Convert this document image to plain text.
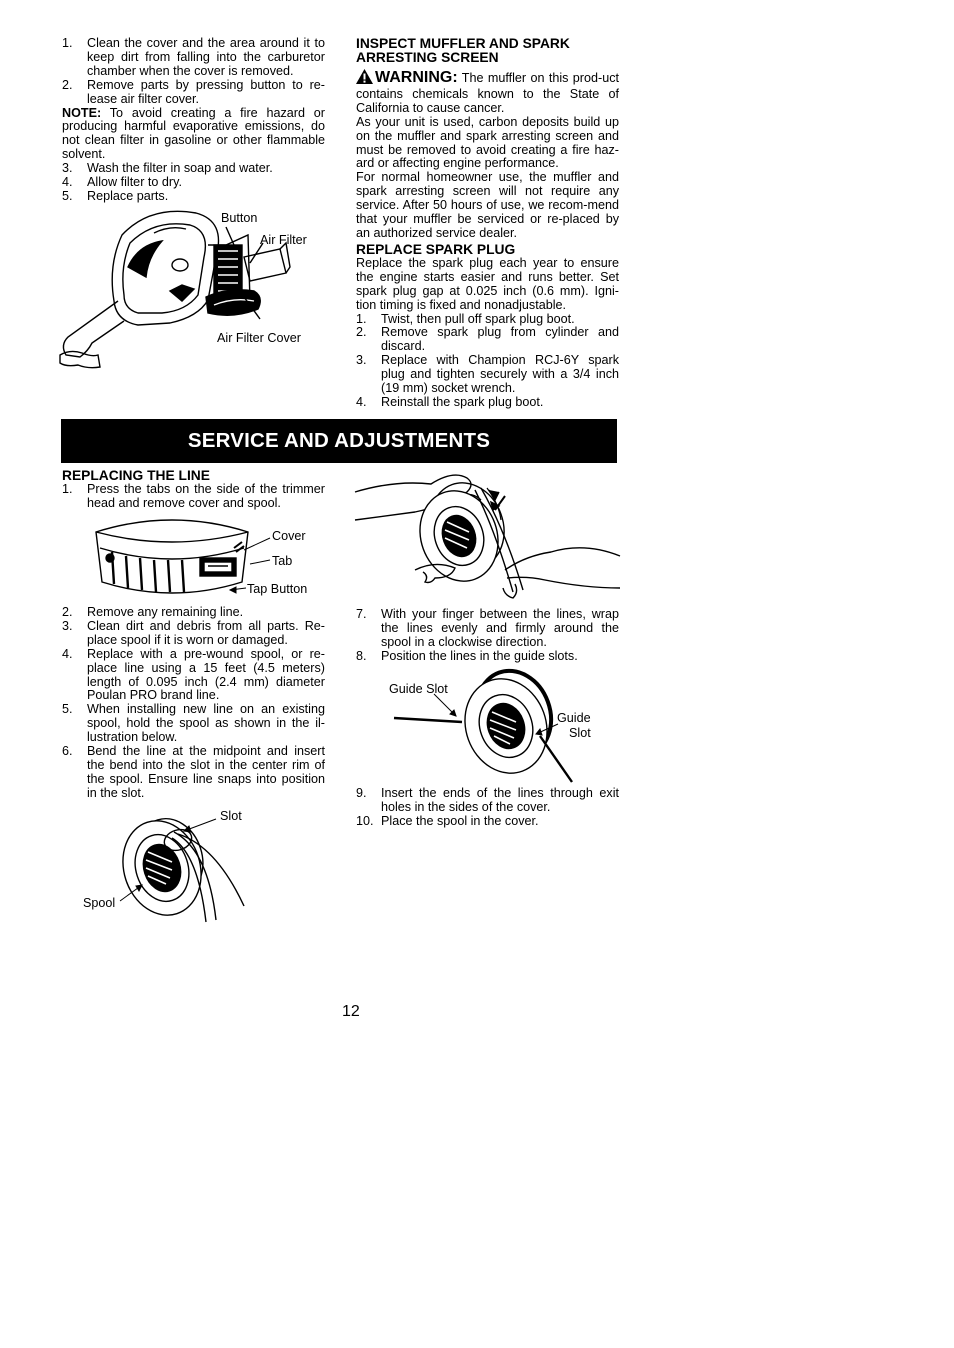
1. Clean the cover and the area around it to keep dirt from falling into the carburetor chamber when the cover is removed.
2. Remove parts by pressing button to re-lease air filter cover.

NOTE: To avoid creating a fire hazard or producing harmful evaporative emissions, do not clean filter in gasoline or other flammable solvent.

3. Wash the filter in soap and water.
4. Allow filter to dry.
5. Replace parts.
Button
Air Filter
Air Filter Cover
INSPECT MUFFLER AND SPARK ARRESTING SCREEN

WARNING: The muffler on this prod-uct contains chemicals known to the State of California to cause cancer.

As your unit is used, carbon deposits build up on the muffler and spark arresting screen and must be removed to avoid creating a fire haz-ard or affecting engine performance.

For normal homeowner use, the muffler and spark arresting screen will not require any service. After 50 hours of use, we recom-mend that your muffler be serviced or re-placed by an authorized service dealer.

REPLACE SPARK PLUG

Replace the spark plug each year to ensure the engine starts easier and runs better. Set spark plug gap at 0.025 inch (0.6 mm). Igni-tion timing is fixed and nonadjustable.

1. Twist, then pull off spark plug boot.
2. Remove spark plug from cylinder and discard.
3. Replace with Champion RCJ-6Y spark plug and tighten securely with a 3/4 inch (19 mm) socket wrench.
4. Reinstall the spark plug boot.
SERVICE AND ADJUSTMENTS
REPLACING THE LINE
1. Press the tabs on the side of the trimmer head and remove cover and spool.
Cover
Tab
Tap Button
2. Remove any remaining line.
3. Clean dirt and debris from all parts. Re-place spool if it is worn or damaged.
4. Replace with a pre-wound spool, or re-place line using a 15 feet (4.5 meters) length of 0.095 inch (2.4 mm) diameter Poulan PRO brand line.
5. When installing new line on an existing spool, hold the spool as shown in the il-lustration below.
6. Bend the line at the midpoint and insert the bend into the slot in the center rim of the spool. Ensure line snaps into position in the slot.
Slot
Spool
7. With your finger between the lines, wrap the lines evenly and firmly around the spool in a clockwise direction.
8. Position the lines in the guide slots.
Guide Slot
Guide
Slot
9. Insert the ends of the lines through exit holes in the sides of the cover.
10. Place the spool in the cover.
12
